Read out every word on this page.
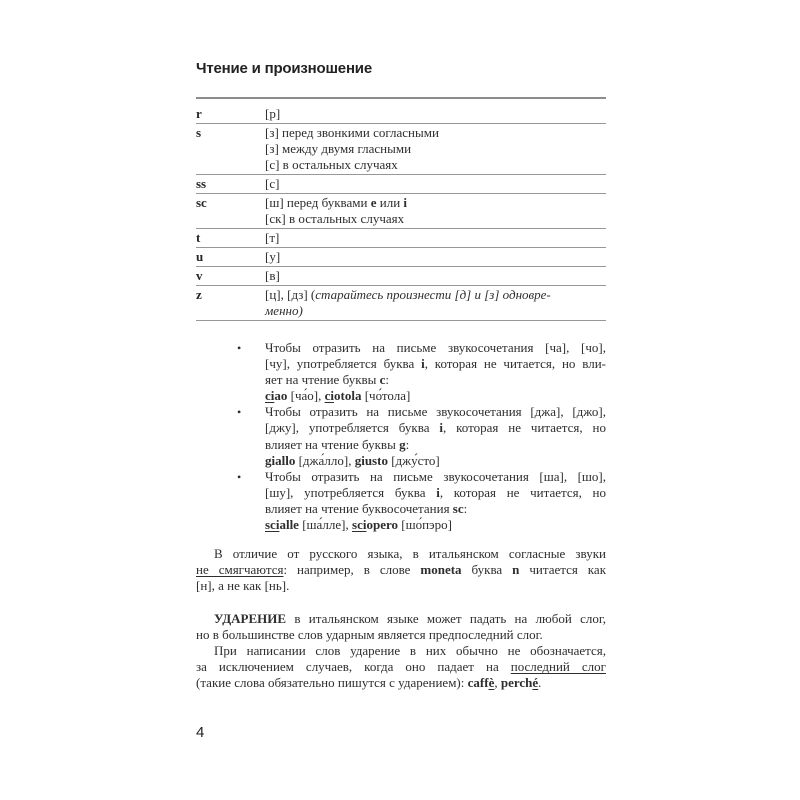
Чтение и произношение
r	[р]
s	[з] перед звонкими согласными
[з] между двумя гласными
[с] в остальных случаях
ss	[с]
sc	[ш] перед буквами e или i
[ск] в остальных случаях
t	[т]
u	[у]
v	[в]
z	[ц], [дз] (старайтесь произнести [д] и [з] одновре-
менно)
•	Чтобы отразить на письме звукосочетания [ча], [чо],
[чу], употребляется буква i, которая не читается, но вли-
яет на чтение буквы c:
ciao [ча́о], ciotola [чо́тола]
•	Чтобы отразить на письме звукосочетания [джа], [джо],
[джу], употребляется буква i, которая не читается, но
влияет на чтение буквы g:
giallo [джа́лло], giusto [джу́сто]
•	Чтобы отразить на письме звукосочетания [ша], [шо],
[шу], употребляется буква i, которая не читается, но
влияет на чтение буквосочетания sc:
scialle [ша́лле], sciopero [шо́пэро]
В отличие от русского языка, в итальянском согласные звуки
не смягчаются: например, в слове moneta буква n читается как
[н], а не как [нь].
УДАРЕНИЕ в итальянском языке может падать на любой слог,
но в большинстве слов ударным является предпоследний слог.
При написании слов ударение в них обычно не обозначается,
за исключением случаев, когда оно падает на последний слог
(такие слова обязательно пишутся с ударением): caffè, perché.
4
